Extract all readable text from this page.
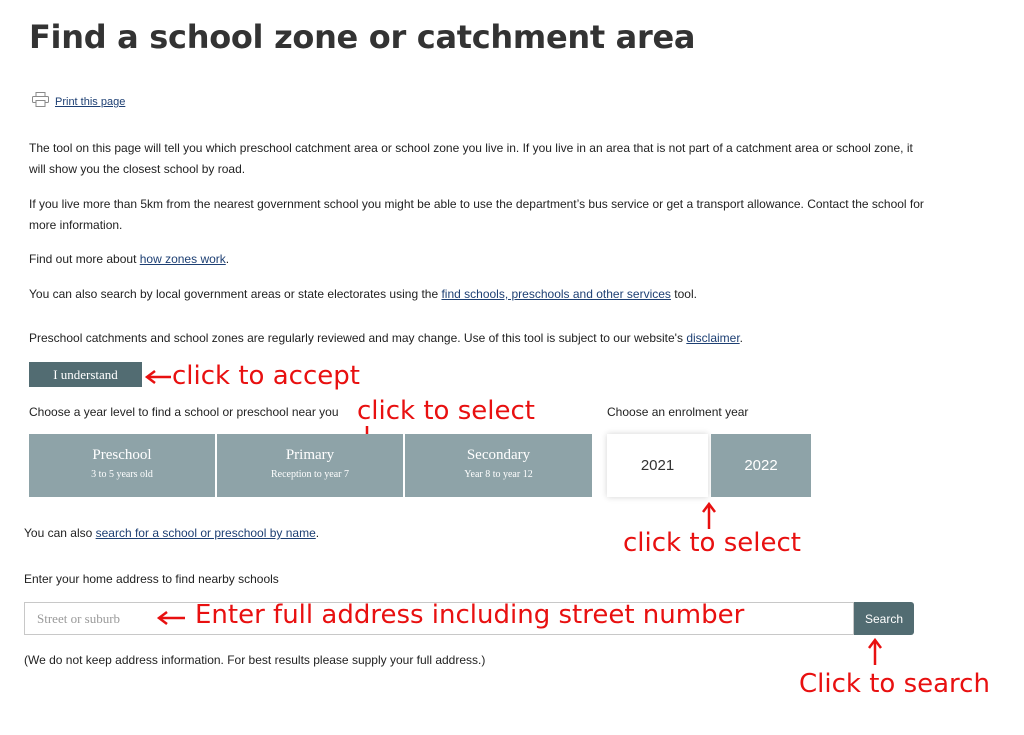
Find a school zone or catchment area
Print this page

The tool on this page will tell you which preschool catchment area or school zone you live in. If you live in an area that is not part of a catchment area or school zone, it will show you the closest school by road.

If you live more than 5km from the nearest government school you might be able to use the department’s bus service or get a transport allowance. Contact the school for more information.

Find out more about how zones work.

You can also search by local government areas or state electorates using the find schools, preschools and other services tool.

Preschool catchments and school zones are regularly reviewed and may change. Use of this tool is subject to our website's disclaimer.

I understand	click to accept
Choose a year level to find a school or preschool near you click to select
Preschool
3 to 5 years old
Primary
Reception to year 7
Secondary
Year 8 to year 12
Choose an enrolment year
2021	2022
click to select
You can also search for a school or preschool by name.
Enter your home address to find nearby schools
Street or suburb
Search
Enter full address including street number
(We do not keep address information. For best results please supply your full address.)
Click to search
